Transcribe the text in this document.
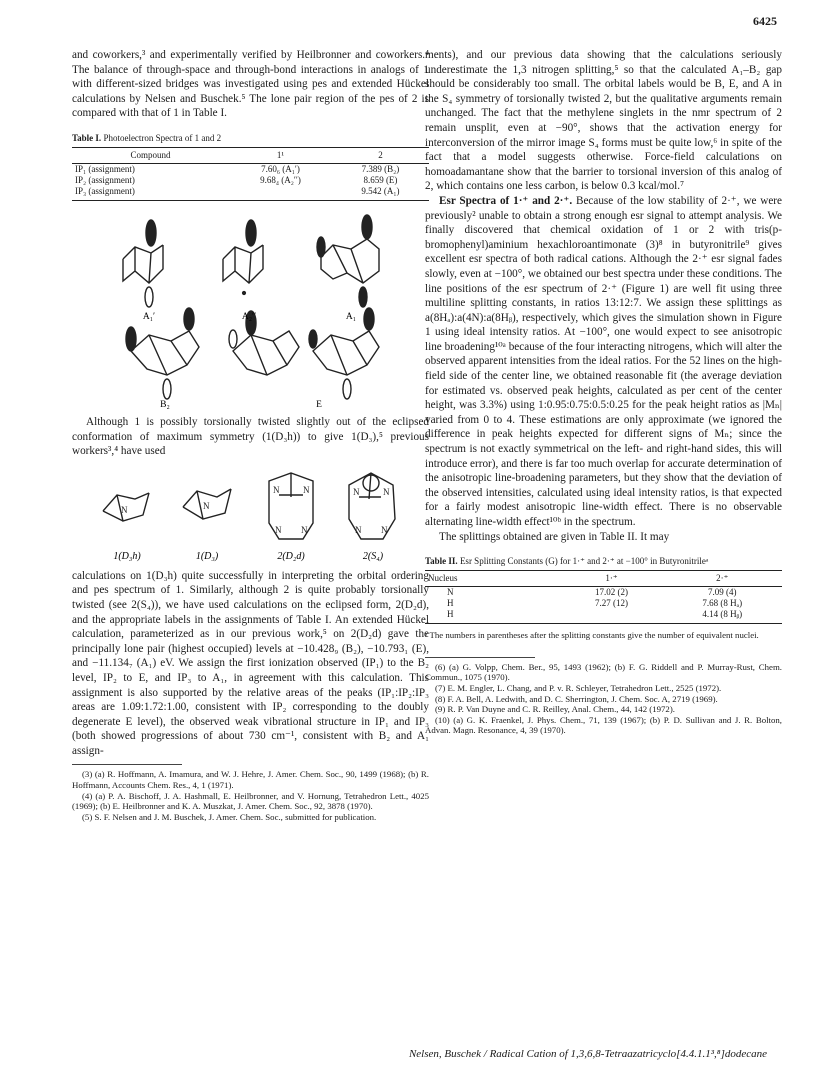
6425

and coworkers,³ and experimentally verified by Heilbronner and coworkers.⁴ The balance of through-space and through-bond interactions in analogs of 1 with different-sized bridges was investigated using pes and extended Hückel calculations by Nelsen and Buschek.⁵ The lone pair region of the pes of 2 is compared with that of 1 in Table I.

Table I. Photoelectron Spectra of 1 and 2
Compound	1¹	2
IP₁ (assignment)	7.60₆ (A₁′)	7.389 (B₂)
IP₂ (assignment)	9.68₄ (A₂′′)	8.659 (E)
IP₃ (assignment)		9.542 (A₁)
A₁′	A₂′′	A₁
B₂	E

Although 1 is possibly torsionally twisted slightly out of the eclipsed conformation of maximum symmetry (1(D₃h)) to give 1(D₃),⁵ previous workers³,⁴ have used

N	N
N	N
N N
N	N
N N
1(D₃h)	1(D₃)	2(D₂d)	2(S₄)

calculations on 1(D₃h) quite successfully in interpreting the orbital ordering and pes spectrum of 1. Similarly, although 2 is quite probably torsionally twisted (see 2(S₄)), we have used calculations on the eclipsed form, 2(D₂d), and the appropriate labels in the assignments of Table I. An extended Hückel calculation, parameterized as in our previous work,⁵ on 2(D₂d) gave the principally lone pair (highest occupied) levels at −10.428₉ (B₂), −10.793₁ (E), and −11.134₇ (A₁) eV. We assign the first ionization observed (IP₁) to the B₂ level, IP₂ to E, and IP₃ to A₁, in agreement with this calculation. This assignment is also supported by the relative areas of the peaks (IP₁:IP₂:IP₃ areas are 1.09:1.72:1.00, consistent with IP₂ corresponding to the doubly degenerate E level), the observed weak vibrational structure in IP₁ and IP₃ (both showed progressions of about 730 cm⁻¹, consistent with B₂ and A₁ assign-

(3) (a) R. Hoffmann, A. Imamura, and W. J. Hehre, J. Amer. Chem. Soc., 90, 1499 (1968); (b) R. Hoffmann, Accounts Chem. Res., 4, 1 (1971).

(4) (a) P. A. Bischoff, J. A. Hashmall, E. Heilbronner, and V. Hornung, Tetrahedron Lett., 4025 (1969); (b) E. Heilbronner and K. A. Muszkat, J. Amer. Chem. Soc., 92, 3878 (1970).

(5) S. F. Nelsen and J. M. Buschek, J. Amer. Chem. Soc., submitted for publication.

ments), and our previous data showing that the calculations seriously underestimate the 1,3 nitrogen splitting,⁵ so that the calculated A₁–B₂ gap should be considerably too small. The orbital labels would be B, E, and A in the S₄ symmetry of torsionally twisted 2, but the qualitative arguments remain unchanged. The fact that the methylene singlets in the nmr spectrum of 2 remain unsplit, even at −90°, shows that the activation energy for interconversion of the mirror image S₄ forms must be quite low,⁶ in spite of the fact that a model suggests otherwise. Force-field calculations on homoadamantane show that the barrier to torsional inversion of this analog of 2, which contains one less carbon, is below 0.3 kcal/mol.⁷

Esr Spectra of 1·⁺ and 2·⁺. Because of the low stability of 2·⁺, we were previously² unable to obtain a strong enough esr signal to attempt analysis. We finally discovered that chemical oxidation of 1 or 2 with tris(p-bromophenyl)aminium hexachloroantimonate (3)⁸ in butyronitrile⁹ gives excellent esr spectra of both radical cations. Although the 2·⁺ esr signal fades slowly, even at −100°, we obtained our best spectra under these conditions. The line positions of the esr spectrum of 2·⁺ (Figure 1) are well fit using three multiline splitting constants, in ratios 13:12:7. We assign these splittings as a(8Hₐ):a(4N):a(8Hᵦ), respectively, which gives the simulation shown in Figure 1 using ideal intensity ratios. At −100°, one would expect to see anisotropic line broadening¹⁰ᵃ because of the four interacting nitrogens, which will alter the observed apparent intensities from the ideal ratios. For the 52 lines on the high-field side of the center line, we obtained reasonable fit (the average deviation for estimated vs. observed peak heights, calculated as per cent of the center height, was 3.3%) using 1:0.95:0.75:0.5:0.25 for the peak height ratios as |Mₙ| varied from 0 to 4. These estimations are only approximate (we ignored the difference in peak heights expected for different signs of Mₙ; since the spectrum is not exactly symmetrical on the left- and right-hand sides, this will introduce error), and there is far too much overlap for accurate determination of the anisotropic line-broadening parameters, but they show that the deviation of the observed intensities, calculated using ideal intensity ratios, is that expected for a fairly modest anisotropic line-width effect. There is no observable alternating line-width effect¹⁰ᵇ in the spectrum.

The splittings obtained are given in Table II. It may

Table II. Esr Splitting Constants (G) for 1·⁺ and 2·⁺ at −100° in Butyronitrileᵃ
Nucleus	1·⁺	2·⁺
N	17.02 (2)	7.09 (4)
H	7.27 (12)	7.68 (8 Hₐ)
H		4.14 (8 Hᵦ)
ᵃ The numbers in parentheses after the splitting constants give the number of equivalent nuclei.

(6) (a) G. Volpp, Chem. Ber., 95, 1493 (1962); (b) F. G. Riddell and P. Murray-Rust, Chem. Commun., 1075 (1970).

(7) E. M. Engler, L. Chang, and P. v. R. Schleyer, Tetrahedron Lett., 2525 (1972).

(8) F. A. Bell, A. Ledwith, and D. C. Sherrington, J. Chem. Soc. A, 2719 (1969).

(9) R. P. Van Duyne and C. R. Reilley, Anal. Chem., 44, 142 (1972).

(10) (a) G. K. Fraenkel, J. Phys. Chem., 71, 139 (1967); (b) P. D. Sullivan and J. R. Bolton, Advan. Magn. Resonance, 4, 39 (1970).

Nelsen, Buschek / Radical Cation of 1,3,6,8-Tetraazatricyclo[4.4.1.1³,⁸]dodecane
